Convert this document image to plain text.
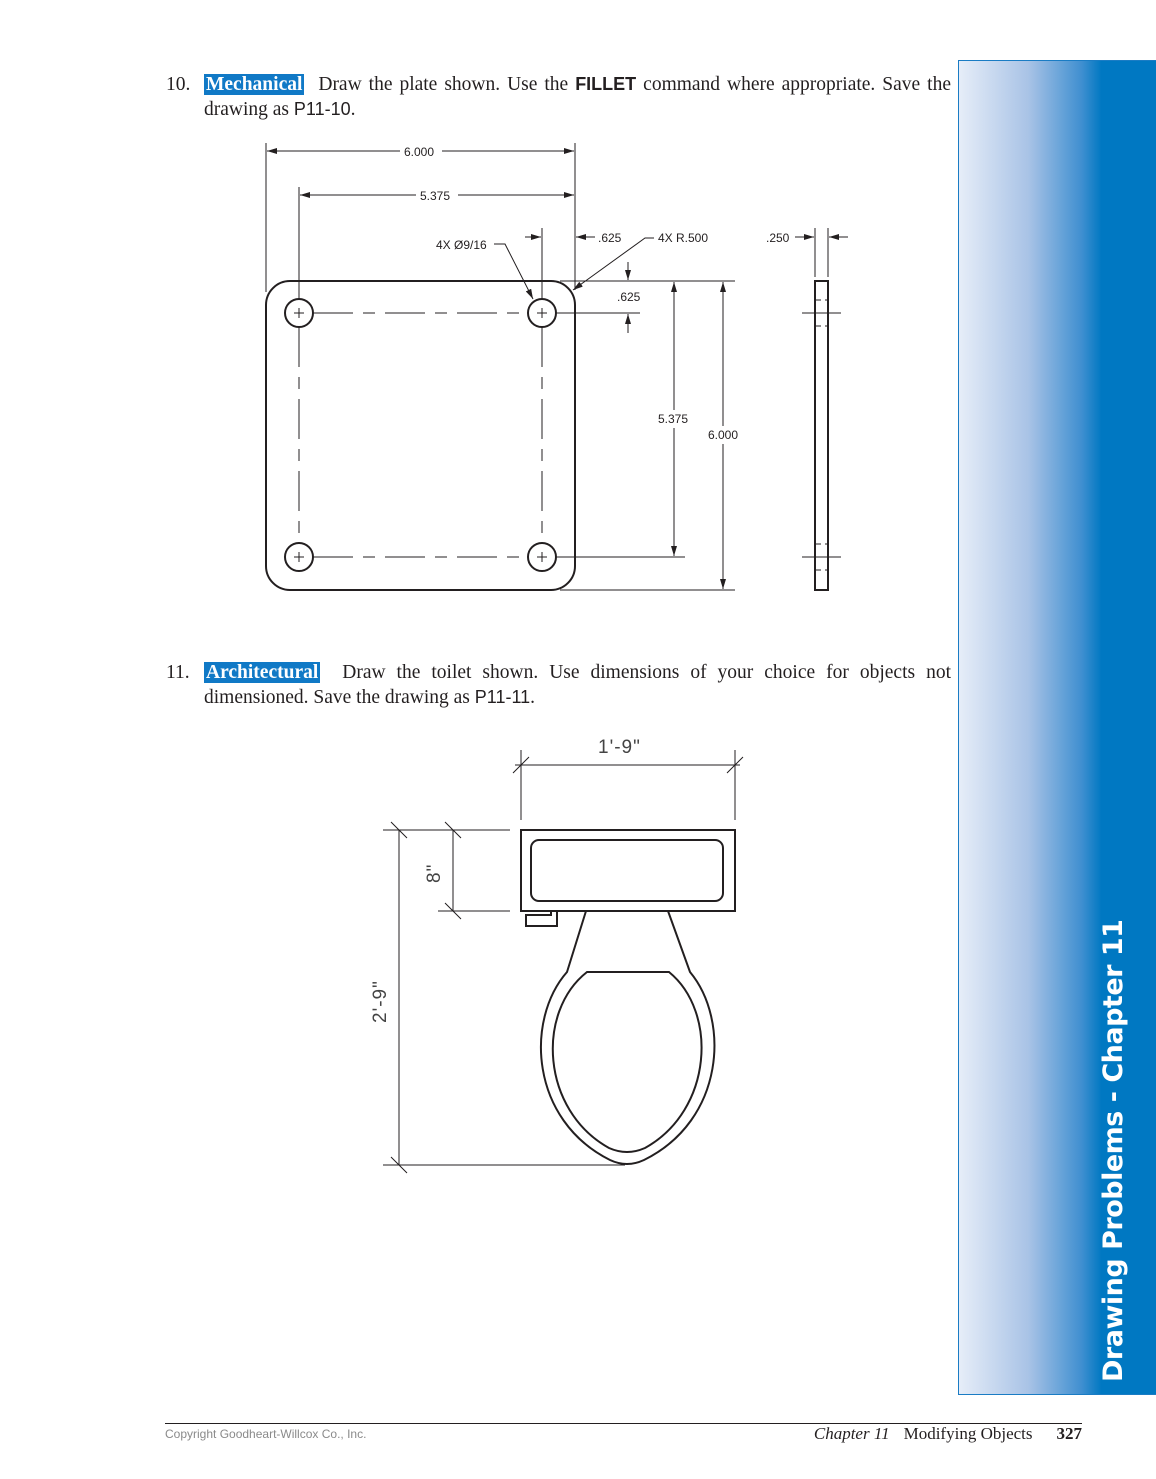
Drawing Problems - Chapter 11
10. Mechanical Draw the plate shown. Use the FILLET command where appropriate. Save the drawing as P11-10.
11. Architectural Draw the toilet shown. Use dimensions of your choice for objects not dimensioned. Save the drawing as P11-11.
6.000
5.375
.625
4X Ø9/16	4X R.500
.625
5.375
6.000
.250
1'-9"
8"
2'-9"
Copyright Goodheart-Willcox Co., Inc.	Chapter 11 Modifying Objects 327
